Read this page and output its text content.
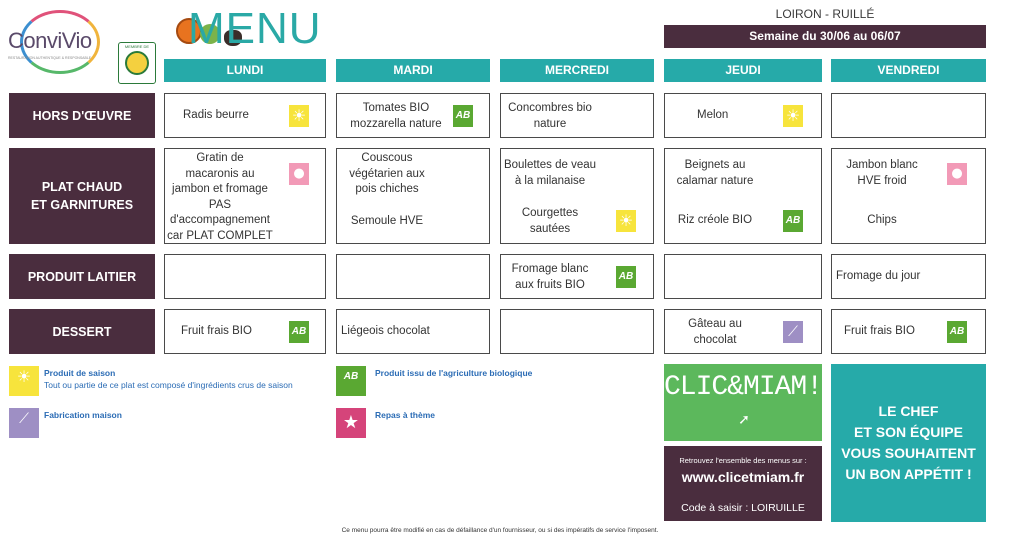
ConviVio
RESTAURATION AUTHENTIQUE & RESPONSABLE
MEMBRE DE MENU	LOIRON - RUILLÉ
Semaine du 30/06 au 06/07
LUNDI	MARDI	MERCREDI	JEUDI	VENDREDI
HORS D'ŒUVRE
PLAT CHAUD
ET GARNITURES
PRODUIT LAITIER
DESSERT
Radis beurre
☀
Tomates BIO
mozzarella nature
AB
Concombres bio
nature
Melon
☀
Gratin de
macaronis au
jambon et fromage
PAS
d'accompagnement
car PLAT COMPLET
●
Couscous
végétarien aux
pois chiches
Semoule HVE
Boulettes de veau
à la milanaise
Courgettes
sautées
☀
Beignets au
calamar nature
Riz créole BIO
AB
Jambon blanc
HVE froid
Chips
●
Fromage blanc
aux fruits BIO
AB
Fromage du jour
Fruit frais BIO
AB	Liégeois chocolat
Gâteau au
chocolat
⟋
Fruit frais BIO
AB
☀
Produit de saison
Tout ou partie de ce plat est composé d'ingrédients crus de saison
⟋
Fabrication maison
AB
Produit issu de l'agriculture biologique
★
Repas à thème
CLIC&MIAM!
➚
Retrouvez l'ensemble des menus sur :
www.clicetmiam.fr
Code à saisir : LOIRUILLE
LE CHEF
ET SON ÉQUIPE
VOUS SOUHAITENT
UN BON APPÉTIT !
Ce menu pourra être modifié en cas de défaillance d'un fournisseur, ou si des impératifs de service l'imposent.
